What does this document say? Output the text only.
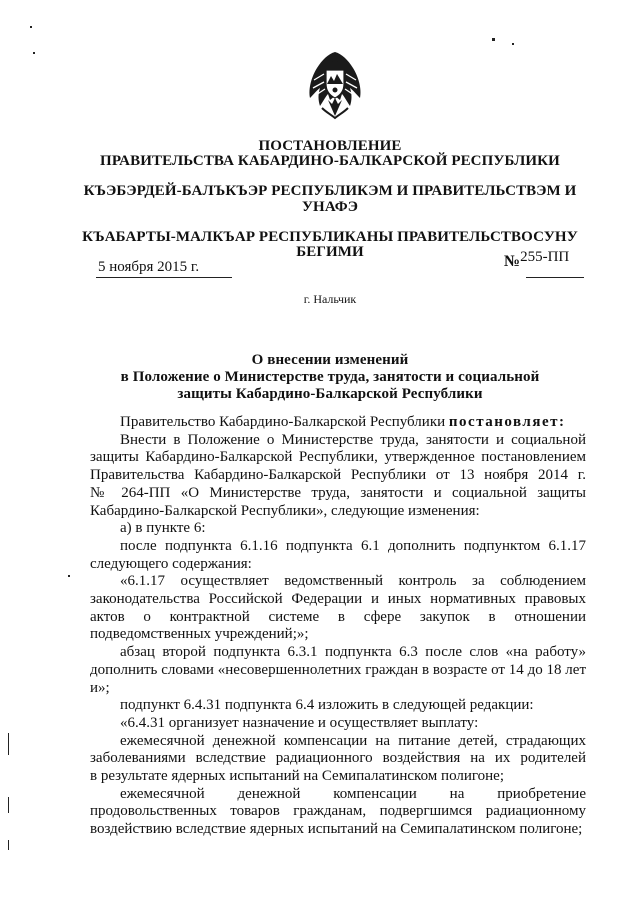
ПОСТАНОВЛЕНИЕ
ПРАВИТЕЛЬСТВА КАБАРДИНО-БАЛКАРСКОЙ РЕСПУБЛИКИ
КЪЭБЭРДЕЙ-БАЛЪКЪЭР РЕСПУБЛИКЭМ И ПРАВИТЕЛЬСТВЭМ И
УНАФЭ
КЪАБАРТЫ-МАЛКЪАР РЕСПУБЛИКАНЫ ПРАВИТЕЛЬСТВОСУНУ
БЕГИМИ
5 ноября 2015 г.	№255-ПП
г. Нальчик
О внесении изменений
в Положение о Министерстве труда, занятости и социальной
защиты Кабардино-Балкарской Республики

Правительство Кабардино-Балкарской Республики постановляет:

Внести в Положение о Министерстве труда, занятости и социальной

защиты Кабардино-Балкарской Республики, утвержденное постановлением

Правительства Кабардино-Балкарской Республики от 13 ноября 2014 г.

№ 264-ПП «О Министерстве труда, занятости и социальной защиты

Кабардино-Балкарской Республики», следующие изменения:

а) в пункте 6:

после подпункта 6.1.16 подпункта 6.1 дополнить подпунктом 6.1.17

следующего содержания:

«6.1.17 осуществляет ведомственный контроль за соблюдением

законодательства Российской Федерации и иных нормативных правовых

актов о контрактной системе в сфере закупок в отношении

подведомственных учреждений;»;

абзац второй подпункта 6.3.1 подпункта 6.3 после слов «на работу»

дополнить словами «несовершеннолетних граждан в возрасте от 14 до 18 лет

и»;

подпункт 6.4.31 подпункта 6.4 изложить в следующей редакции:

«6.4.31 организует назначение и осуществляет выплату:

ежемесячной денежной компенсации на питание детей, страдающих

заболеваниями вследствие радиационного воздействия на их родителей

в результате ядерных испытаний на Семипалатинском полигоне;

ежемесячной денежной компенсации на приобретение

продовольственных товаров гражданам, подвергшимся радиационному

воздействию вследствие ядерных испытаний на Семипалатинском полигоне;
